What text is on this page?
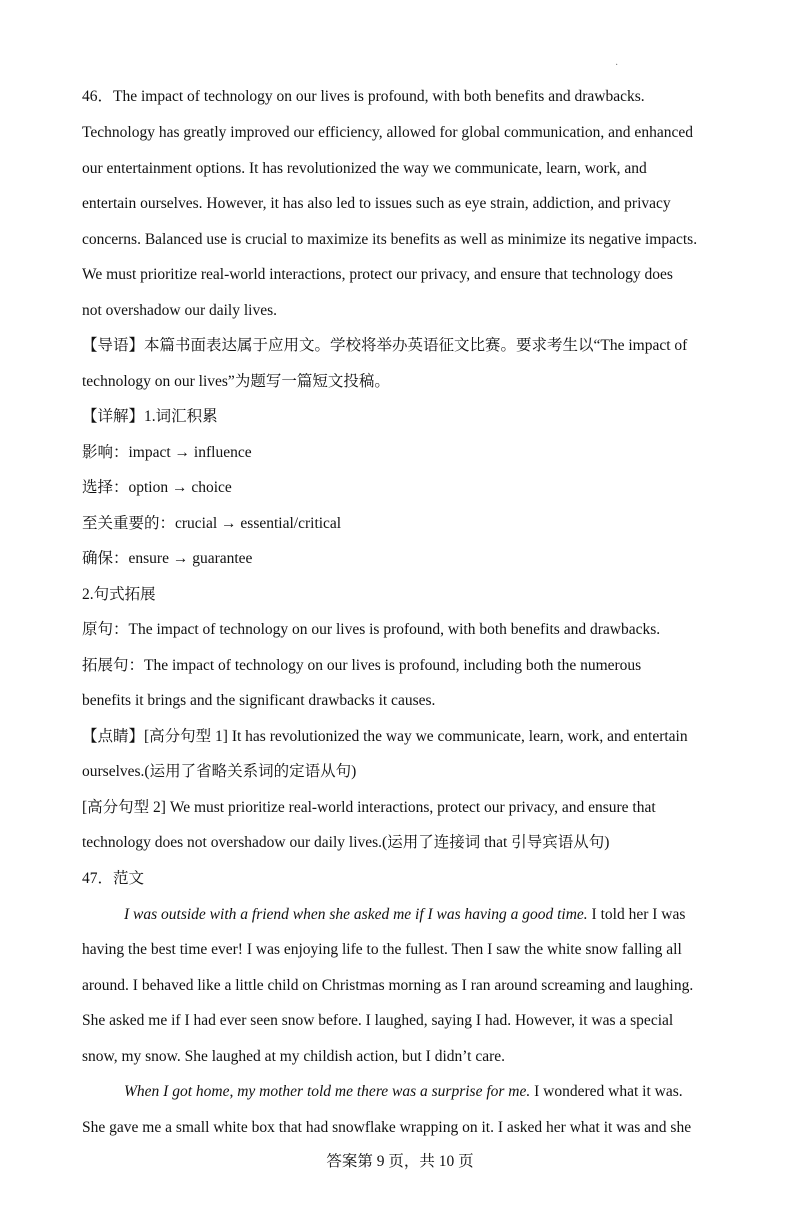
·
46．The impact of technology on our lives is profound, with both benefits and drawbacks.
Technology has greatly improved our efficiency, allowed for global communication, and enhanced
our entertainment options. It has revolutionized the way we communicate, learn, work, and
entertain ourselves. However, it has also led to issues such as eye strain, addiction, and privacy
concerns. Balanced use is crucial to maximize its benefits as well as minimize its negative impacts.
We must prioritize real-world interactions, protect our privacy, and ensure that technology does
not overshadow our daily lives.
【导语】本篇书面表达属于应用文。学校将举办英语征文比赛。要求考生以“The impact of
technology on our lives”为题写一篇短文投稿。
【详解】1.词汇积累
影响：impact → influence
选择：option → choice
至关重要的：crucial → essential/critical
确保：ensure → guarantee
2.句式拓展
原句：The impact of technology on our lives is profound, with both benefits and drawbacks.
拓展句：The impact of technology on our lives is profound, including both the numerous
benefits it brings and the significant drawbacks it causes.
【点睛】[高分句型 1] It has revolutionized the way we communicate, learn, work, and entertain
ourselves.(运用了省略关系词的定语从句)
[高分句型 2] We must prioritize real-world interactions, protect our privacy, and ensure that
technology does not overshadow our daily lives.(运用了连接词 that 引导宾语从句)
47．范文
I was outside with a friend when she asked me if I was having a good time. I told her I was
having the best time ever! I was enjoying life to the fullest. Then I saw the white snow falling all
around. I behaved like a little child on Christmas morning as I ran around screaming and laughing.
She asked me if I had ever seen snow before. I laughed, saying I had. However, it was a special
snow, my snow. She laughed at my childish action, but I didn’t care.
When I got home, my mother told me there was a surprise for me. I wondered what it was.
She gave me a small white box that had snowflake wrapping on it. I asked her what it was and she
答案第 9 页，共 10 页
